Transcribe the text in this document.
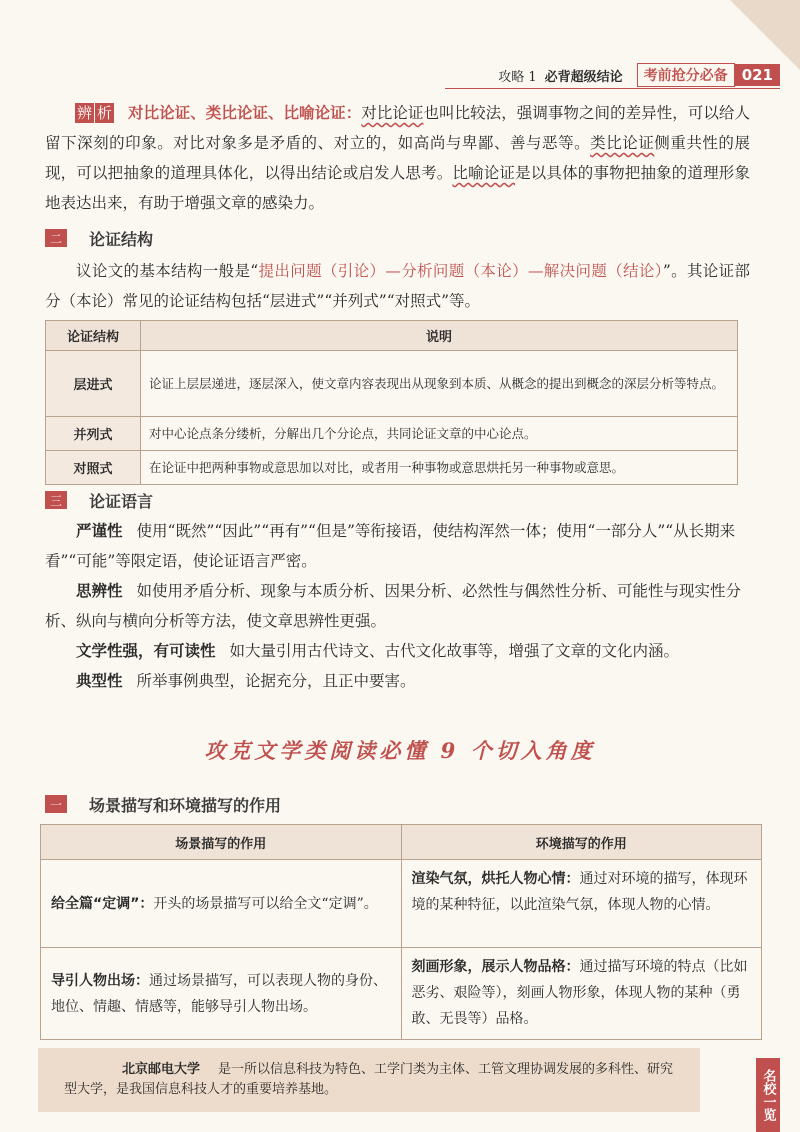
攻略 1 必背超级结论	考前抢分必备 021
辨 析 对比论证、类比论证、比喻论证：对比论证也叫比较法，强调事物之间的差异性，可以给人留下深刻的印象。对比对象多是矛盾的、对立的，如高尚与卑鄙、善与恶等。类比论证侧重共性的展现，可以把抽象的道理具体化，以得出结论或启发人思考。比喻论证是以具体的事物把抽象的道理形象地表达出来，有助于增强文章的感染力。
二	论证结构
议论文的基本结构一般是“提出问题（引论）—分析问题（本论）—解决问题（结论）”。其论证部分（本论）常见的论证结构包括“层进式”“并列式”“对照式”等。
论证结构	说明
层进式	论证上层层递进，逐层深入，使文章内容表现出从现象到本质、从概念的提出到概念的深层分析等特点。
并列式	对中心论点条分缕析，分解出几个分论点，共同论证文章的中心论点。
对照式	在论证中把两种事物或意思加以对比，或者用一种事物或意思烘托另一种事物或意思。
三	论证语言
严谨性 使用“既然”“因此”“再有”“但是”等衔接语，使结构浑然一体；使用“一部分人”“从长期来看”“可能”等限定语，使论证语言严密。
思辨性 如使用矛盾分析、现象与本质分析、因果分析、必然性与偶然性分析、可能性与现实性分析、纵向与横向分析等方法，使文章思辨性更强。
文学性强，有可读性 如大量引用古代诗文、古代文化故事等，增强了文章的文化内涵。
典型性 所举事例典型，论据充分，且正中要害。
攻克文学类阅读必懂 9 个切入角度
一	场景描写和环境描写的作用
场景描写的作用	环境描写的作用
给全篇“定调”：开头的场景描写可以给全文“定调”。	渲染气氛，烘托人物心情：通过对环境的描写，体现环境的某种特征，以此渲染气氛，体现人物的心情。
导引人物出场：通过场景描写，可以表现人物的身份、地位、情趣、情感等，能够导引人物出场。	刻画形象，展示人物品格：通过描写环境的特点（比如恶劣、艰险等），刻画人物形象，体现人物的某种（勇敢、无畏等）品格。
北京邮电大学 是一所以信息科技为特色、工学门类为主体、工管文理协调发展的多科性、研究型大学，是我国信息科技人才的重要培养基地。	名校一览
